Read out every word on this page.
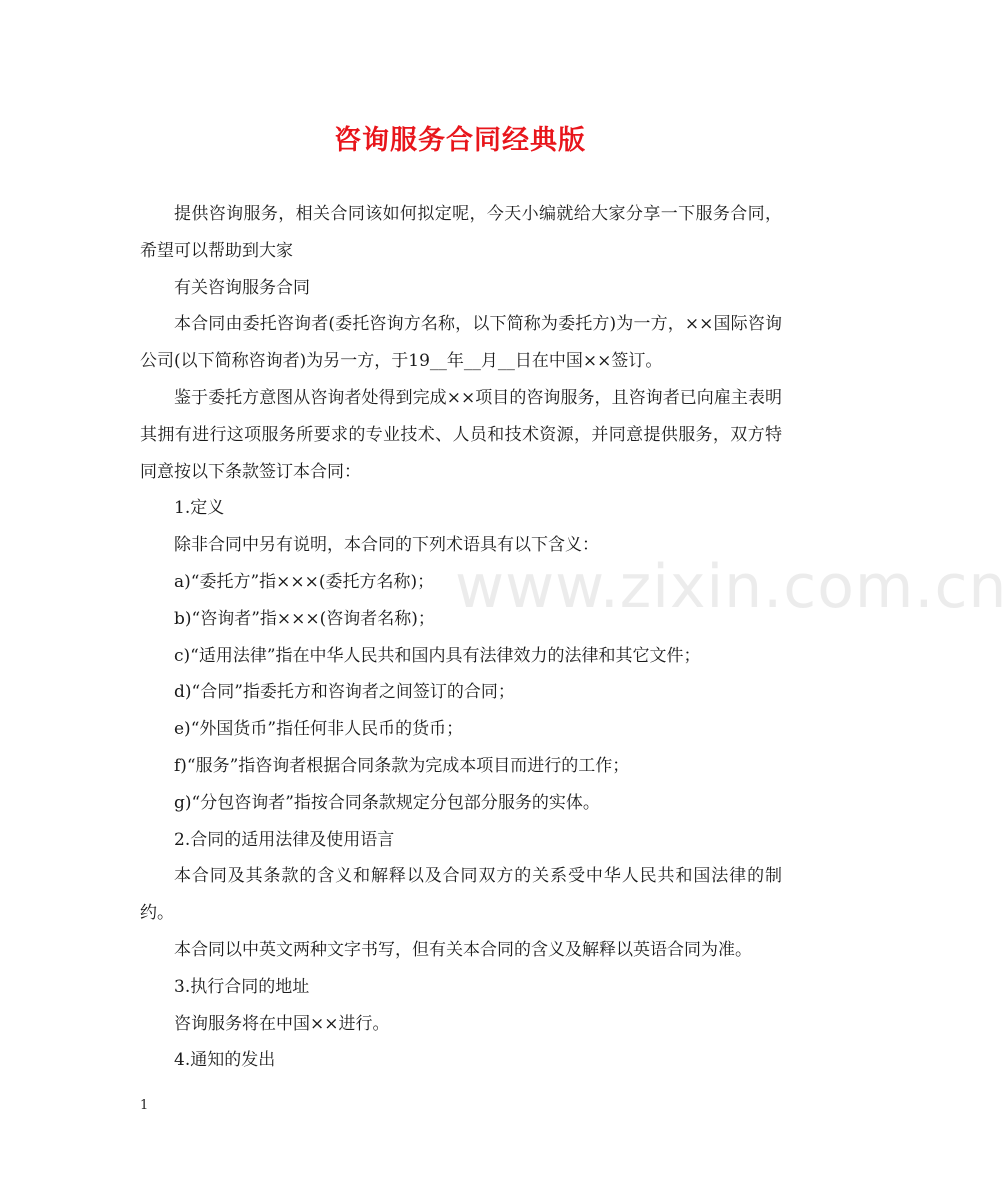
咨询服务合同经典版
www.zixin.com.cn

提供咨询服务，相关合同该如何拟定呢，今天小编就给大家分享一下服务合同，希望可以帮助到大家

有关咨询服务合同

本合同由委托咨询者(委托咨询方名称，以下简称为委托方)为一方，××国际咨询公司(以下简称咨询者)为另一方，于19__年__月__日在中国××签订。

鉴于委托方意图从咨询者处得到完成××项目的咨询服务，且咨询者已向雇主表明其拥有进行这项服务所要求的专业技术、人员和技术资源，并同意提供服务，双方特同意按以下条款签订本合同：

1.定义

除非合同中另有说明，本合同的下列术语具有以下含义：

a)“委托方”指×××(委托方名称)；

b)“咨询者”指×××(咨询者名称)；

c)“适用法律”指在中华人民共和国内具有法律效力的法律和其它文件；

d)“合同”指委托方和咨询者之间签订的合同；

e)“外国货币”指任何非人民币的货币；

f)“服务”指咨询者根据合同条款为完成本项目而进行的工作；

g)“分包咨询者”指按合同条款规定分包部分服务的实体。

2.合同的适用法律及使用语言

本合同及其条款的含义和解释以及合同双方的关系受中华人民共和国法律的制约。

本合同以中英文两种文字书写，但有关本合同的含义及解释以英语合同为准。

3.执行合同的地址

咨询服务将在中国××进行。

4.通知的发出

1
